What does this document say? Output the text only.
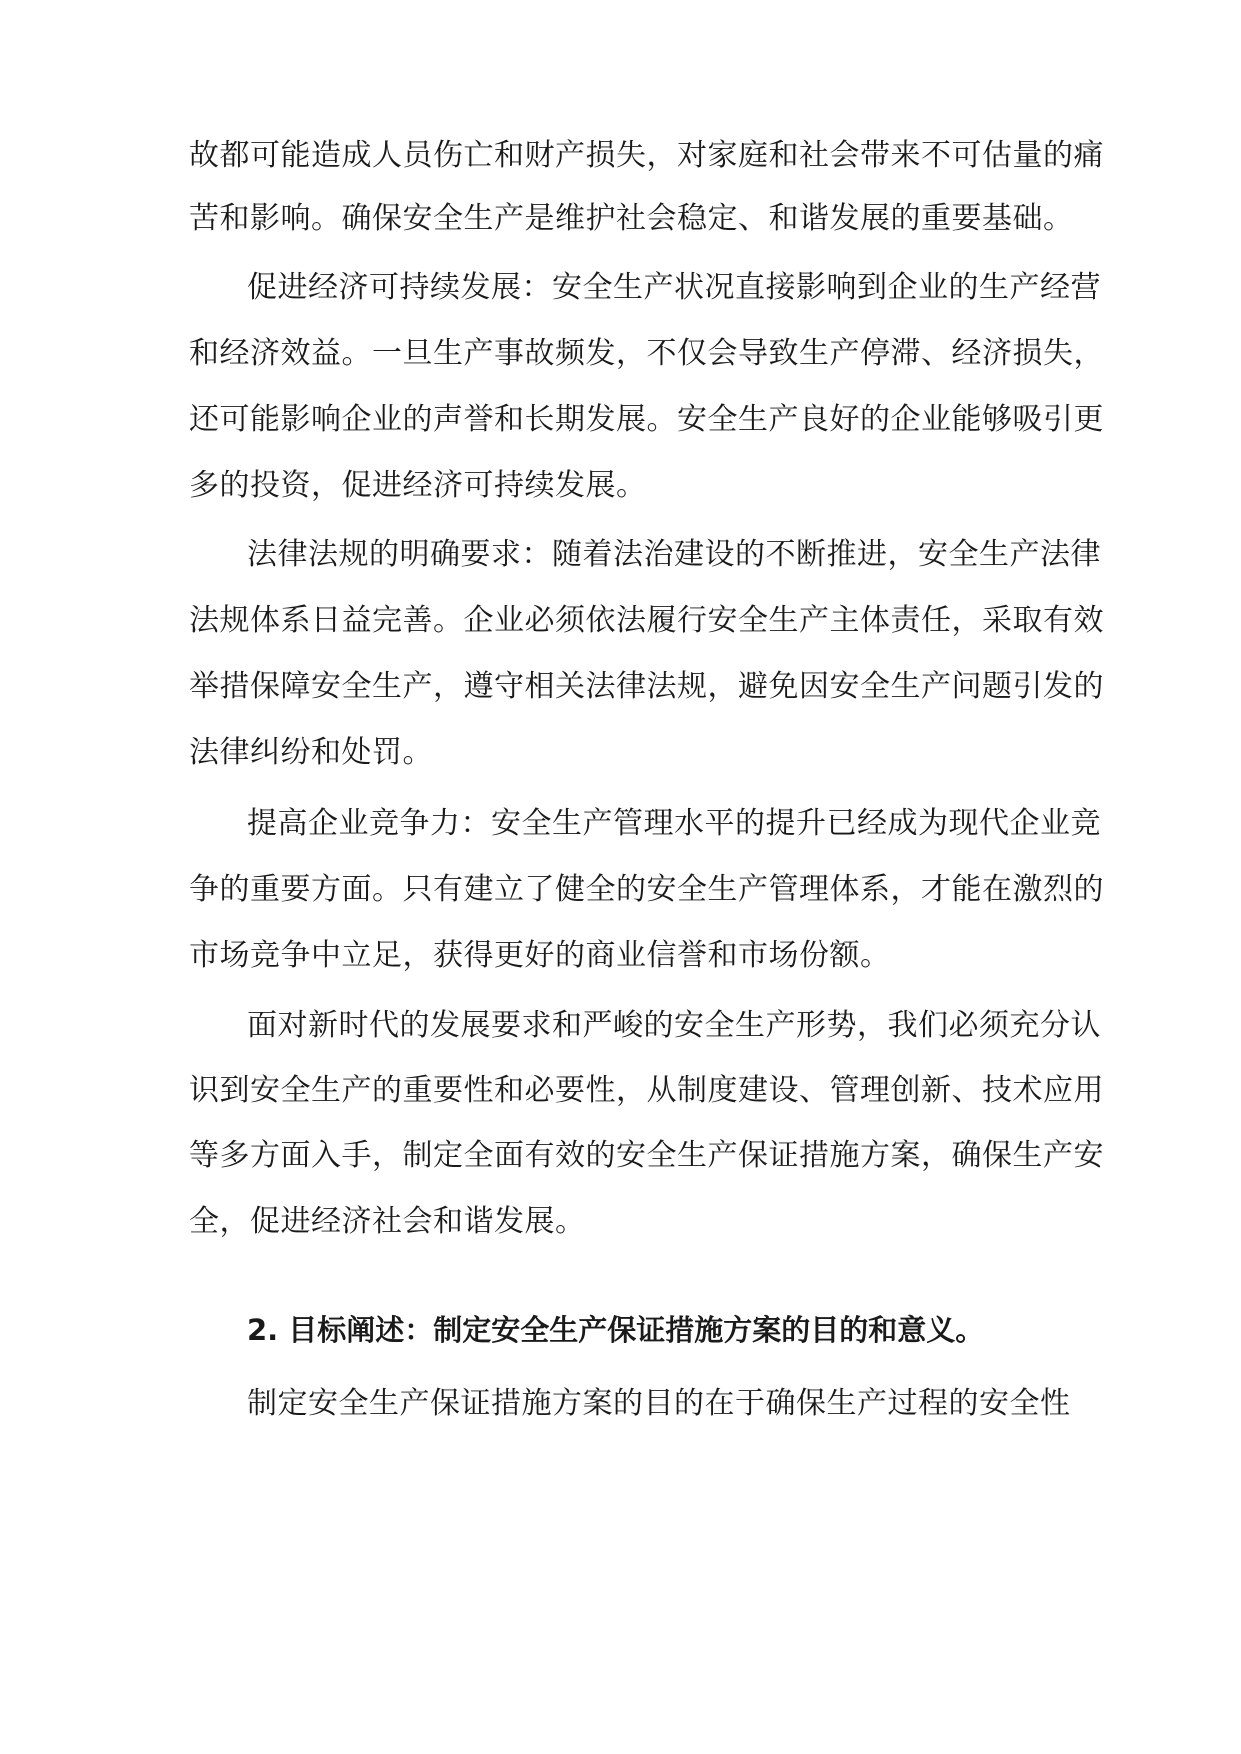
故都可能造成人员伤亡和财产损失，对家庭和社会带来不可估量的痛
苦和影响。确保安全生产是维护社会稳定、和谐发展的重要基础。
促进经济可持续发展：安全生产状况直接影响到企业的生产经营
和经济效益。一旦生产事故频发，不仅会导致生产停滞、经济损失，
还可能影响企业的声誉和长期发展。安全生产良好的企业能够吸引更
多的投资，促进经济可持续发展。
法律法规的明确要求：随着法治建设的不断推进，安全生产法律
法规体系日益完善。企业必须依法履行安全生产主体责任，采取有效
举措保障安全生产，遵守相关法律法规，避免因安全生产问题引发的
法律纠纷和处罚。
提高企业竞争力：安全生产管理水平的提升已经成为现代企业竞
争的重要方面。只有建立了健全的安全生产管理体系，才能在激烈的
市场竞争中立足，获得更好的商业信誉和市场份额。
面对新时代的发展要求和严峻的安全生产形势，我们必须充分认
识到安全生产的重要性和必要性，从制度建设、管理创新、技术应用
等多方面入手，制定全面有效的安全生产保证措施方案，确保生产安
全，促进经济社会和谐发展。
2. 目标阐述：制定安全生产保证措施方案的目的和意义。
制定安全生产保证措施方案的目的在于确保生产过程的安全性
